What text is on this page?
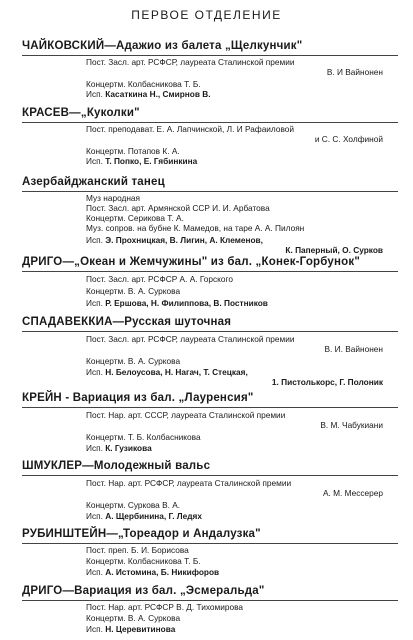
ПЕРВОЕ ОТДЕЛЕНИЕ
ЧАЙКОВСКИЙ—Адажио из балета „Щелкунчик"
Пост. Засл. арт. РСФСР, лауреата Сталинской премии
В. И Вайнонен
Концертм. Колбасникова Т. Б.
Исп. Касаткина Н., Смирнов В.
КРАСЕВ—„Куколки"
Пост. преподават. Е. А. Лапчинской, Л. И Рафаиловой
и С. С. Холфиной
Концертм. Потапов К. А.
Исп. Т. Попко, Е. Гябинкина
Азербайджанский танец
Муз народная
Пост. Засл. арт. Армянской ССР И. И. Арбатова
Концертм. Серикова Т. А.
Муз. сопров. на бубне К. Мамедов, на таре А. А. Пилоян
Исп. Э. Прохницкая, В. Лигин, А. Клеменов,
К. Паперный, О. Сурков
ДРИГО—„Океан и Жемчужины" из бал. „Конек-Горбунок"
Пост. Засл. арт. РСФСР А. А. Горского
Концертм. В. А. Суркова
Исп. Р. Ершова, Н. Филиппова, В. Постников
СПАДАВЕККИА—Русская шуточная
Пост. Засл. арт. РСФСР, лауреата Сталинской премии
В. И. Вайнонен
Концертм. В. А. Суркова
Исп. Н. Белоусова, Н. Нагач, Т. Стецкая,
1. Пистолькорс, Г. Полоник
КРЕЙН - Вариация из бал. „Лауренсия"
Пост. Нар. арт. СССР, лауреата Сталинской премии
В. М. Чабукиани
Концертм. Т. Б. Колбасникова
Исп. К. Гузикова
ШМУКЛЕР—Молодежный вальс
Пост. Нар. арт. РСФСР, лауреата Сталинской премии
А. М. Мессерер
Концертм. Суркова В. А.
Исп. А. Щербинина, Г. Ледях
РУБИНШТЕЙН—„Тореадор и Андалузка"
Пост. преп. Б. И. Борисова
Концертм. Колбасникова Т. Б.
Исп. А. Истомина, Б. Никифоров
ДРИГО—Вариация из бал. „Эсмеральда"
Пост. Нар. арт. РСФСР В. Д. Тихомирова
Концертм. В. А. Суркова
Исп. Н. Церевитинова
